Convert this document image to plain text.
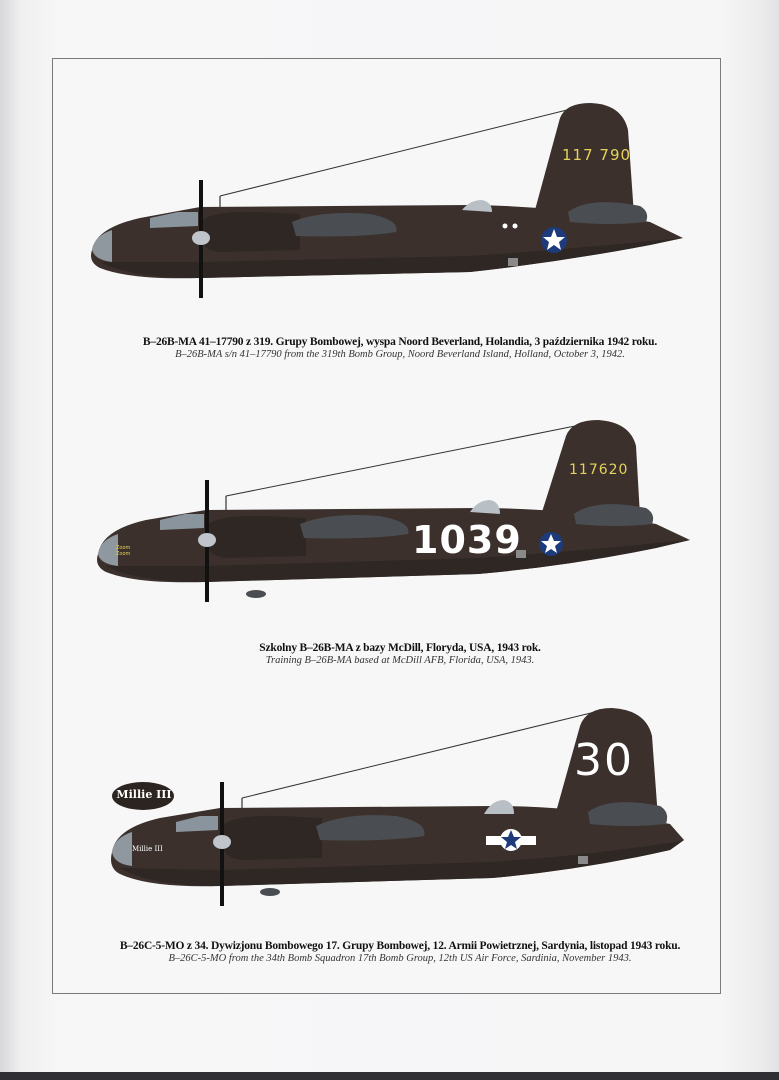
117 790
B–26B-MA 41–17790 z 319. Grupy Bombowej, wyspa Noord Beverland, Holandia, 3 października 1942 roku.
B–26B-MA s/n 41–17790 from the 319th Bomb Group, Noord Beverland Island, Holland, October 3, 1942.
117620
1039
Zoom Zoom
Szkolny B–26B-MA z bazy McDill, Floryda, USA, 1943 rok.
Training B–26B-MA based at McDill AFB, Florida, USA, 1943.
30
Millie III
Millie III
B–26C-5-MO z 34. Dywizjonu Bombowego 17. Grupy Bombowej, 12. Armii Powietrznej, Sardynia, listopad 1943 roku.
B–26C-5-MO from the 34th Bomb Squadron 17th Bomb Group, 12th US Air Force, Sardinia, November 1943.
